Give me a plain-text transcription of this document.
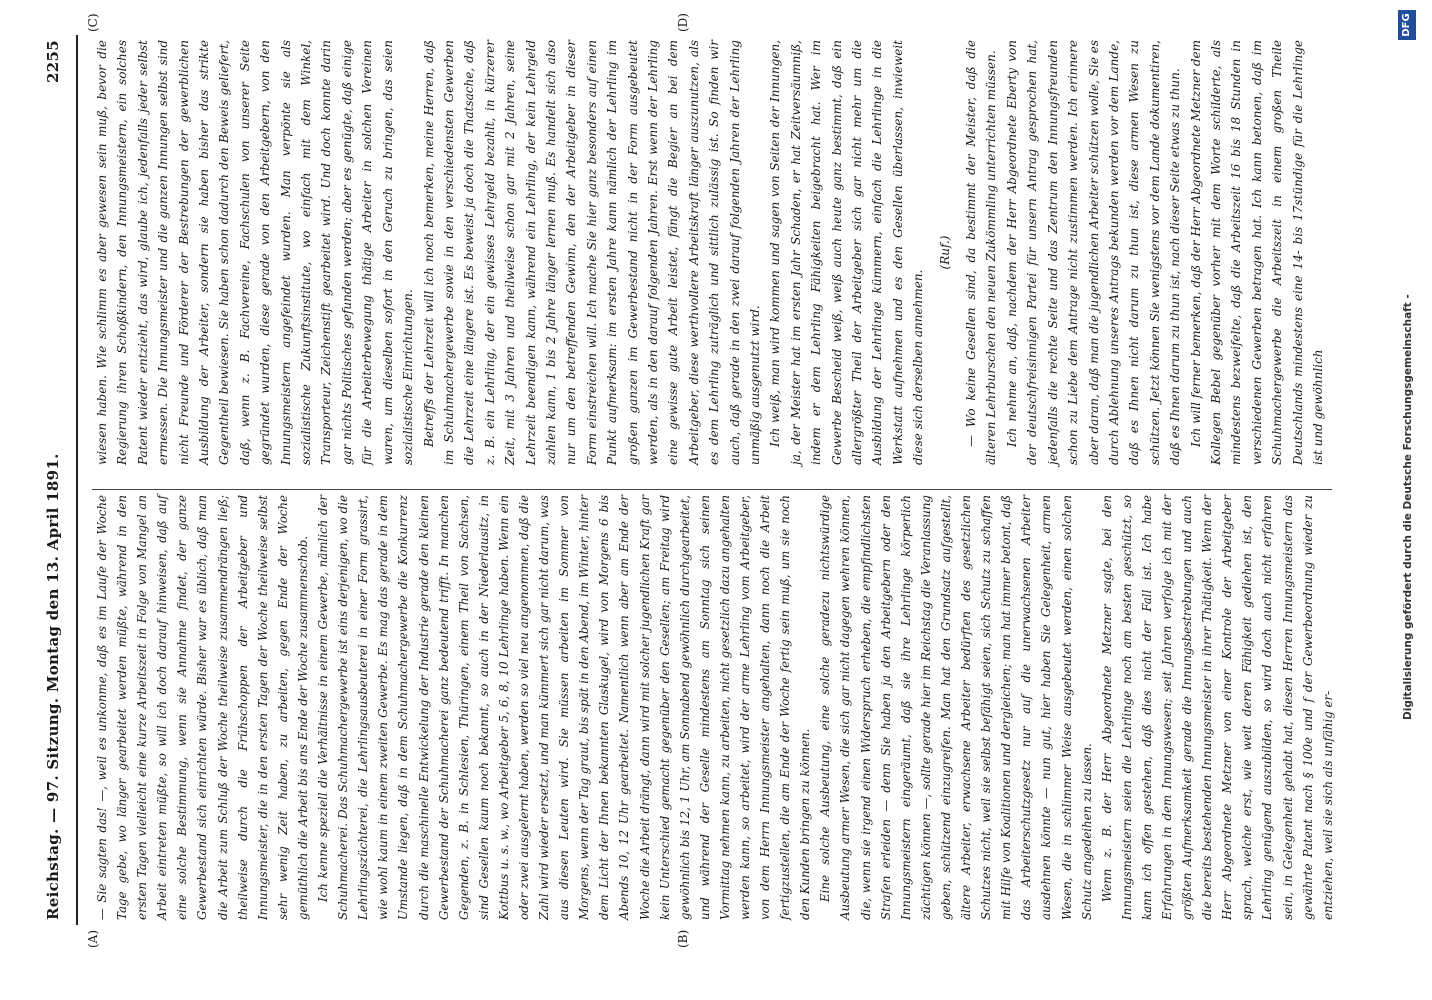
Reichstag. — 97. Sitzung. Montag den 13. April 1891.
2255
(A)	(B)
(C)	(D)

— Sie sagten das! —, weil es unkonme, daß es im Laufe der Woche Tage gebe, wo länger gearbeitet werden müßte, während in den ersten Tagen vielleicht eine kurze Arbeitszeit in Folge von Mangel an Arbeit eintreten müßte, so will ich doch darauf hinweisen, daß auf eine solche Bestimmung, wenn sie Annahme findet, der ganze Gewerbestand sich einrichten würde. Bisher war es üblich, daß man die Arbeit zum Schluß der Woche theilweise zusammendrängen ließ; theilweise durch die Frühschoppen der Arbeitgeber und Innungsmeister, die in den ersten Tagen der Woche theilweise selbst sehr wenig Zeit haben, zu arbeiten, gegen Ende der Woche gemüthlich die Arbeit bis ans Ende der Woche zusammenschob. Ich kenne speziell die Verhältnisse in einem Gewerbe, nämlich der Schuhmacherei. Das Schuhmachergewerbe ist eins derjenigen, wo die Lehrlingszüchterei, die Lehrlingsausbeuterei in einer Form grassirt, wie wohl kaum in einem zweiten Gewerbe. Es mag das gerade in dem Umstande liegen, daß in dem Schuhmachergewerbe die Konkurrenz durch die maschinelle Entwickelung der Industrie gerade den kleinen Gewerbestand der Schuhmacherei ganz bedeutend trifft. In manchen Gegenden, z. B. in Schlesien, Thüringen, einem Theil von Sachsen, sind Gesellen kaum noch bekannt, so auch in der Niederlausitz, in Kottbus u. s. w., wo Arbeitgeber 5, 6, 8, 10 Lehrlinge haben. Wenn ein oder zwei ausgelernt haben, werden so viel neu angenommen, daß die Zahl wird wieder ersetzt, und man kümmert sich gar nicht darum, was aus diesen Leuten wird. Sie müssen arbeiten im Sommer von Morgens, wenn der Tag graut, bis spät in den Abend, im Winter, hinter dem Licht der Ihnen bekannten Glaskugel, wird von Morgens 6 bis Abends 10, 12 Uhr gearbeitet. Namentlich wenn aber am Ende der Woche die Arbeit drängt, dann wird mit solcher jugendlichen Kraft gar kein Unterschied gemacht gegenüber den Gesellen; am Freitag wird gewöhnlich bis 12, 1 Uhr, am Sonnabend gewöhnlich durchgearbeitet, und während der Geselle mindestens am Sonntag sich seinen Vormittag nehmen kann, zu arbeiten, nicht gesetzlich dazu angehalten werden kann, so arbeitet, wird der arme Lehrling vom Arbeitgeber, von dem Herrn Innungsmeister angehalten, dann noch die Arbeit fertigzustellen, die am Ende der Woche fertig sein muß, um sie noch den Kunden bringen zu können. Eine solche Ausbeutung, eine solche geradezu nichtswürdige Ausbeutung armer Wesen, die sich gar nicht dagegen wehren können, die, wenn sie irgend einen Widerspruch erheben, die empfindlichsten Strafen erleiden — denn Sie haben ja den Arbeitgebern oder den Innungsmeistern eingeräumt, daß sie ihre Lehrlinge körperlich züchtigen können —, sollte gerade hier im Reichstag die Veranlassung geben, schützend einzugreifen. Man hat den Grundsatz aufgestellt, ältere Arbeiter, erwachsene Arbeiter bedürften des gesetzlichen Schutzes nicht, weil sie selbst befähigt seien, sich Schutz zu schaffen mit Hilfe von Koalitionen und dergleichen; man hat immer betont, daß das Arbeiterschutzgesetz nur auf die unerwachsenen Arbeiter ausdehnen könnte — nun gut, hier haben Sie Gelegenheit, armen Wesen, die in schlimmer Weise ausgebeutet werden, einen solchen Schutz angedeihen zu lassen. Wenn z. B. der Herr Abgeordnete Metzner sagte, bei den Innungsmeistern seien die Lehrlinge noch am besten geschützt, so kann ich offen gestehen, daß dies nicht der Fall ist. Ich habe Erfahrungen in dem Innungswesen; seit Jahren verfolge ich mit der größten Aufmerksamkeit gerade die Innungsbestrebungen und auch die bereits bestehenden Innungsmeister in ihrer Thätigkeit. Wenn der Herr Abgeordnete Metzner von einer Kontrole der Arbeitgeber sprach, welche erst, wie weit deren Fähigkeit gediehen ist, den Lehrling genügend auszubilden, so wird doch auch nicht erfahren sein, in Gelegenheit gehabt hat, diesen Herren Innungsmeistern das gewährte Patent nach § 100e und f der Gewerbeordnung wieder zu entziehen, weil sie sich als unfähig er-

wiesen haben. Wie schlimm es aber gewesen sein muß, bevor die Regierung ihren Schoßkindern, den Innungsmeistern, ein solches Patent wieder entzieht, das wird, glaube ich, jedenfalls jeder selbst ermessen. Die Innungsmeister und die ganzen Innungen selbst sind nicht Freunde und Förderer der Bestrebungen der gewerblichen Ausbildung der Arbeiter, sondern sie haben bisher das strikte Gegentheil bewiesen. Sie haben schon dadurch den Beweis geliefert, daß, wenn z. B. Fachvereine, Fachschulen von unserer Seite gegründet wurden, diese gerade von den Arbeitgebern, von den Innungsmeistern angefeindet wurden. Man verpönte sie als sozialistische Zukunftsinstitute, wo einfach mit dem Winkel, Transporteur, Zeichenstift gearbeitet wird. Und doch konnte darin gar nichts Politisches gefunden werden; aber es genügte, daß einige für die Arbeiterbewegung thätige Arbeiter in solchen Vereinen waren, um dieselben sofort in den Geruch zu bringen, das seien sozialistische Einrichtungen. Betreffs der Lehrzeit will ich noch bemerken, meine Herren, daß im Schuhmachergewerbe sowie in den verschiedensten Gewerben die Lehrzeit eine längere ist. Es beweist ja doch die Thatsache, daß z. B. ein Lehrling, der ein gewisses Lehrgeld bezahlt, in kürzerer Zeit, mit 3 Jahren und theilweise schon gar mit 2 Jahren, seine Lehrzeit beendigen kann, während ein Lehrling, der kein Lehrgeld zahlen kann, 1 bis 2 Jahre länger lernen muß. Es handelt sich also nur um den betreffenden Gewinn, den der Arbeitgeber in dieser Form einstreichen will. Ich mache Sie hier ganz besonders auf einen Punkt aufmerksam: im ersten Jahre kann nämlich der Lehrling im großen ganzen im Gewerbestand nicht in der Form ausgebeutet werden, als in den darauf folgenden Jahren. Erst wenn der Lehrling eine gewisse gute Arbeit leistet, fängt die Begier an bei dem Arbeitgeber, diese werthvollere Arbeitskraft länger auszunutzen, als es dem Lehrling zuträglich und sittlich zulässig ist. So finden wir auch, daß gerade in den zwei darauf folgenden Jahren der Lehrling unmäßig ausgenutzt wird. Ich weiß, man wird kommen und sagen von Seiten der Innungen, ja, der Meister hat im ersten Jahr Schaden, er hat Zeitversäumniß, indem er dem Lehrling Fähigkeiten beigebracht hat. Wer im Gewerbe Bescheid weiß, weiß auch heute ganz bestimmt, daß ein allergrößter Theil der Arbeitgeber sich gar nicht mehr um die Ausbildung der Lehrlinge kümmern, einfach die Lehrlinge in die Werkstatt aufnehmen und es den Gesellen überlassen, inwieweit diese sich derselben annehmen.

(Ruf.) — Wo keine Gesellen sind, da bestimmt der Meister, daß die älteren Lehrburschen den neuen Zukömmling unterrichten müssen. Ich nehme an, daß, nachdem der Herr Abgeordnete Eberty von der deutschfreisinnigen Partei für unsern Antrag gesprochen hat, jedenfalls die rechte Seite und das Zentrum den Innungsfreunden schon zu Liebe dem Antrage nicht zustimmen werden. Ich erinnere aber daran, daß man die jugendlichen Arbeiter schützen wolle, Sie es durch Ablehnung unseres Antrags bekunden werden vor dem Lande, daß es Ihnen nicht darum zu thun ist, diese armen Wesen zu schützen. Jetzt können Sie wenigstens vor dem Lande dokumentiren, daß es Ihnen darum zu thun ist, nach dieser Seite etwas zu thun. Ich will ferner bemerken, daß der Herr Abgeordnete Metzner dem Kollegen Bebel gegenüber vorher mit dem Worte schilderte, als mindestens bezweifelte, daß die Arbeitszeit 16 bis 18 Stunden in verschiedenen Gewerben betragen hat. Ich kann betonen, daß im Schuhmachergewerbe die Arbeitszeit in einem großen Theile Deutschlands mindestens eine 14- bis 17stündige für die Lehrlinge ist und gewöhnlich	Digitalisierung gefördert durch die Deutsche Forschungsgemeinschaft -
DFG
